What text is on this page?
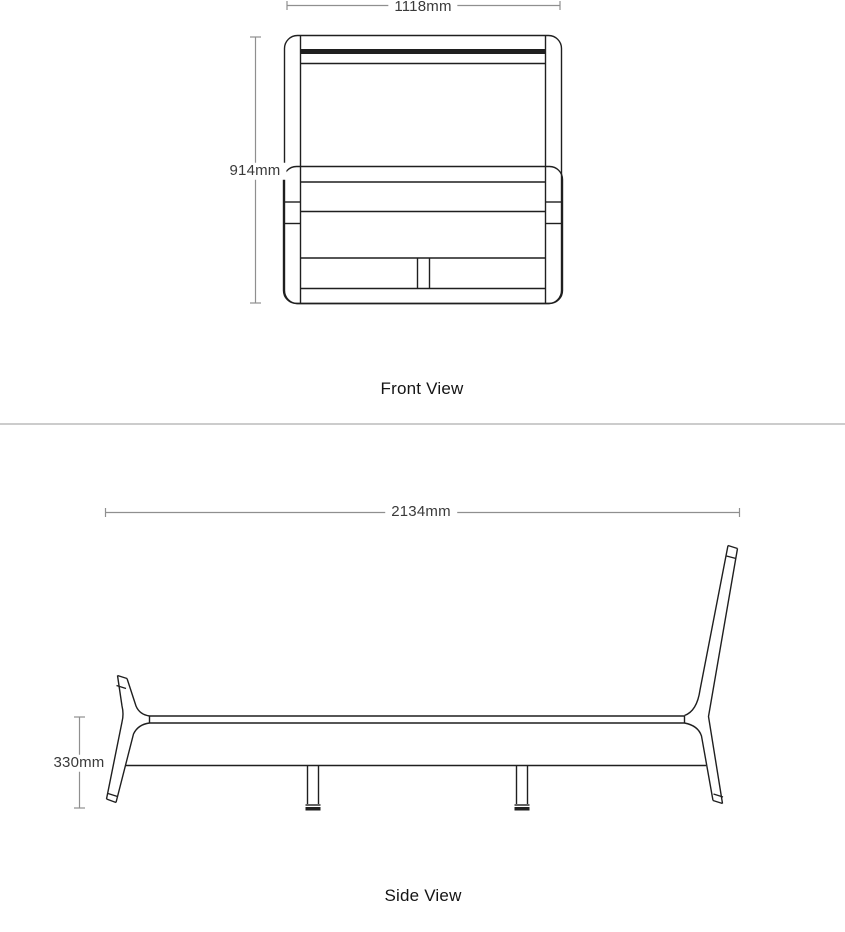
1118mm
914mm
Front View
2134mm
330mm
Side View
